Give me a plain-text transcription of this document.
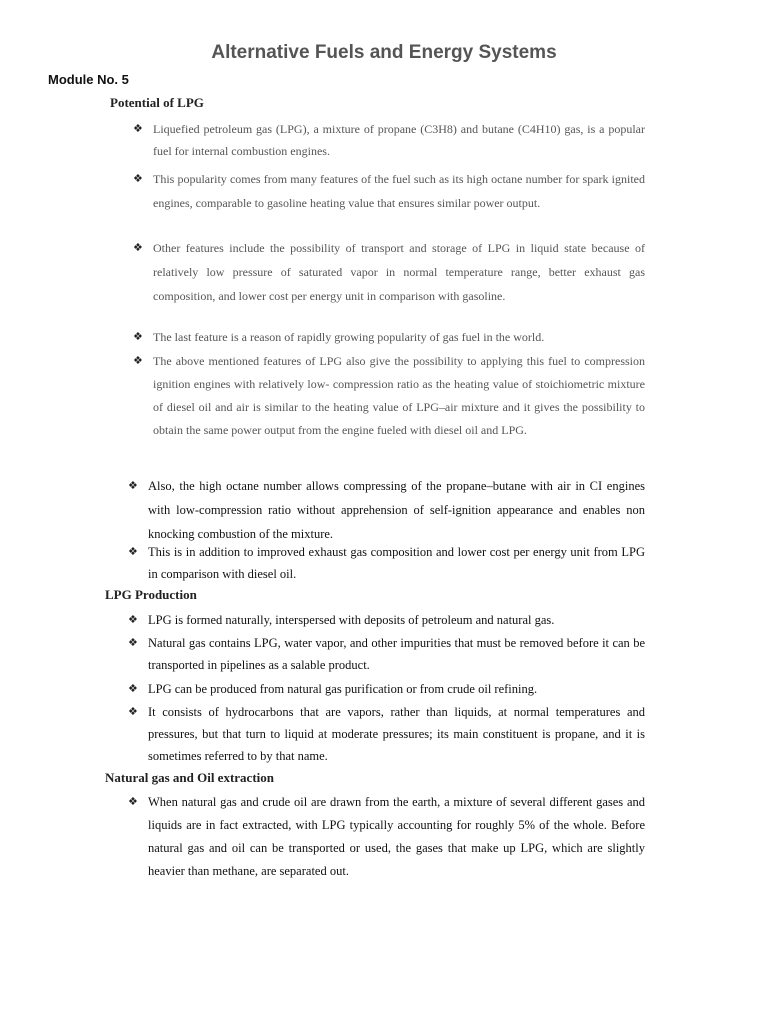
Alternative Fuels and Energy Systems
Module No. 5
Potential of LPG

❖ Liquefied petroleum gas (LPG), a mixture of propane (C3H8) and butane (C4H10) gas, is a popular fuel for internal combustion engines.

❖ This popularity comes from many features of the fuel such as its high octane number for spark ignited engines, comparable to gasoline heating value that ensures similar power output.

❖ Other features include the possibility of transport and storage of LPG in liquid state because of relatively low pressure of saturated vapor in normal temperature range, better exhaust gas composition, and lower cost per energy unit in comparison with gasoline.

❖ The last feature is a reason of rapidly growing popularity of gas fuel in the world.

❖ The above mentioned features of LPG also give the possibility to applying this fuel to compression ignition engines with relatively low- compression ratio as the heating value of stoichiometric mixture of diesel oil and air is similar to the heating value of LPG–air mixture and it gives the possibility to obtain the same power output from the engine fueled with diesel oil and LPG.

❖ Also, the high octane number allows compressing of the propane–butane with air in CI engines with low-compression ratio without apprehension of self-ignition appearance and enables non knocking combustion of the mixture.

❖ This is in addition to improved exhaust gas composition and lower cost per energy unit from LPG in comparison with diesel oil.

LPG Production

❖ LPG is formed naturally, interspersed with deposits of petroleum and natural gas.

❖ Natural gas contains LPG, water vapor, and other impurities that must be removed before it can be transported in pipelines as a salable product.

❖ LPG can be produced from natural gas purification or from crude oil refining.

❖ It consists of hydrocarbons that are vapors, rather than liquids, at normal temperatures and pressures, but that turn to liquid at moderate pressures; its main constituent is propane, and it is sometimes referred to by that name.

Natural gas and Oil extraction

❖ When natural gas and crude oil are drawn from the earth, a mixture of several different gases and liquids are in fact extracted, with LPG typically accounting for roughly 5% of the whole. Before natural gas and oil can be transported or used, the gases that make up LPG, which are slightly heavier than methane, are separated out.
